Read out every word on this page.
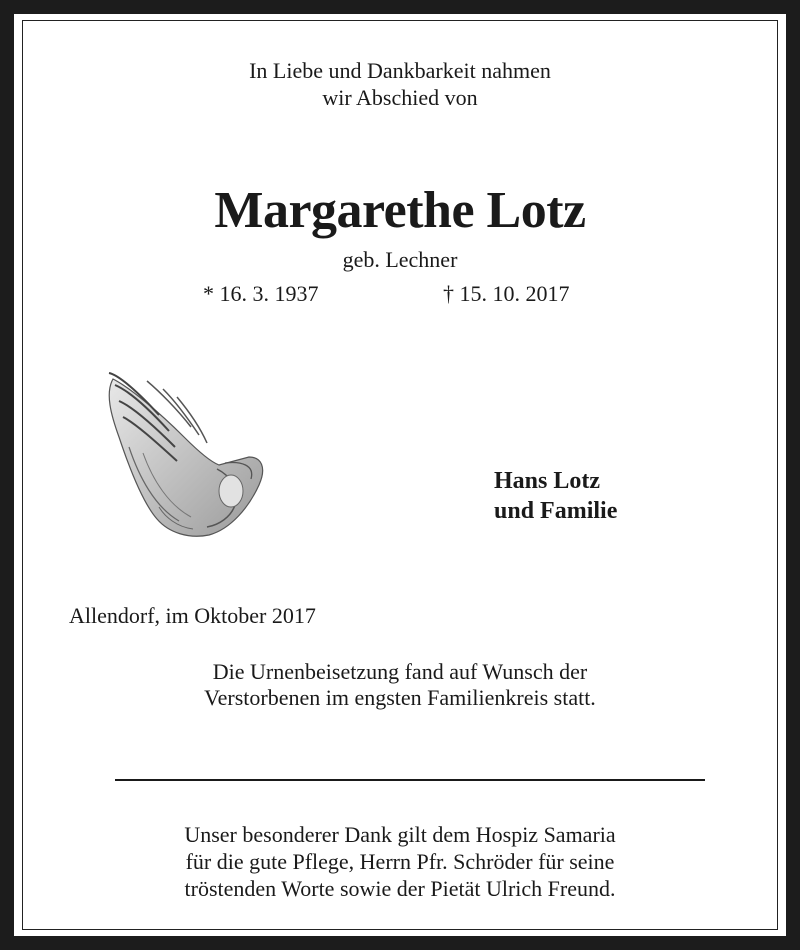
In Liebe und Dankbarkeit nahmen
wir Abschied von
Margarethe Lotz
geb. Lechner
* 16. 3. 1937	† 15. 10. 2017
Hans Lotz
und Familie
Allendorf, im Oktober 2017
Die Urnenbeisetzung fand auf Wunsch der
Verstorbenen im engsten Familienkreis statt.
Unser besonderer Dank gilt dem Hospiz Samaria
für die gute Pflege, Herrn Pfr. Schröder für seine
tröstenden Worte sowie der Pietät Ulrich Freund.
